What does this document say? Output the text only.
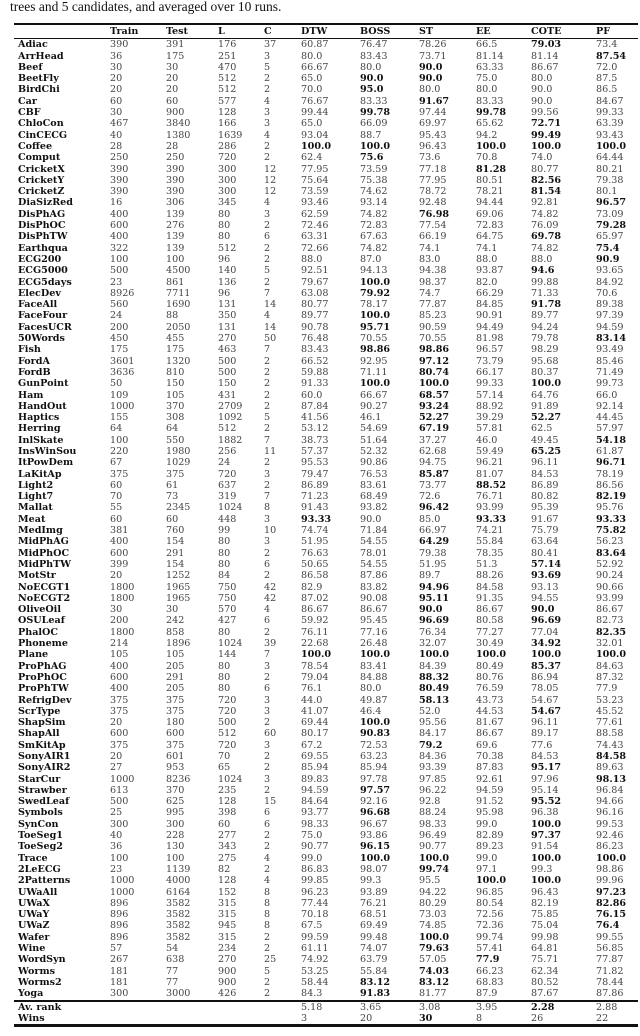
trees and 5 candidates, and averaged over 10 runs.
	Train	Test	L	C	DTW	BOSS	ST	EE	COTE	PF
Adiac	390	391	176	37	60.87	76.47	78.26	66.5	79.03	73.4
ArrHead	36	175	251	3	80.0	83.43	73.71	81.14	81.14	87.54
Beef	30	30	470	5	66.67	80.0	90.0	63.33	86.67	72.0
BeetFly	20	20	512	2	65.0	90.0	90.0	75.0	80.0	87.5
BirdChi	20	20	512	2	70.0	95.0	80.0	80.0	90.0	86.5
Car	60	60	577	4	76.67	83.33	91.67	83.33	90.0	84.67
CBF	30	900	128	3	99.44	99.78	97.44	99.78	99.56	99.33
ChloCon	467	3840	166	3	65.0	66.09	69.97	65.62	72.71	63.39
CinCECG	40	1380	1639	4	93.04	88.7	95.43	94.2	99.49	93.43
Coffee	28	28	286	2	100.0	100.0	96.43	100.0	100.0	100.0
Comput	250	250	720	2	62.4	75.6	73.6	70.8	74.0	64.44
CricketX	390	390	300	12	77.95	73.59	77.18	81.28	80.77	80.21
CricketY	390	390	300	12	75.64	75.38	77.95	80.51	82.56	79.38
CricketZ	390	390	300	12	73.59	74.62	78.72	78.21	81.54	80.1
DiaSizRed	16	306	345	4	93.46	93.14	92.48	94.44	92.81	96.57
DisPhAG	400	139	80	3	62.59	74.82	76.98	69.06	74.82	73.09
DisPhOC	600	276	80	2	72.46	72.83	77.54	72.83	76.09	79.28
DisPhTW	400	139	80	6	63.31	67.63	66.19	64.75	69.78	65.97
Earthqua	322	139	512	2	72.66	74.82	74.1	74.1	74.82	75.4
ECG200	100	100	96	2	88.0	87.0	83.0	88.0	88.0	90.9
ECG5000	500	4500	140	5	92.51	94.13	94.38	93.87	94.6	93.65
ECG5days	23	861	136	2	79.67	100.0	98.37	82.0	99.88	84.92
ElecDev	8926	7711	96	7	63.08	79.92	74.7	66.29	71.33	70.6
FaceAll	560	1690	131	14	80.77	78.17	77.87	84.85	91.78	89.38
FaceFour	24	88	350	4	89.77	100.0	85.23	90.91	89.77	97.39
FacesUCR	200	2050	131	14	90.78	95.71	90.59	94.49	94.24	94.59
50Words	450	455	270	50	76.48	70.55	70.55	81.98	79.78	83.14
Fish	175	175	463	7	83.43	98.86	98.86	96.57	98.29	93.49
FordA	3601	1320	500	2	66.52	92.95	97.12	73.79	95.68	85.46
FordB	3636	810	500	2	59.88	71.11	80.74	66.17	80.37	71.49
GunPoint	50	150	150	2	91.33	100.0	100.0	99.33	100.0	99.73
Ham	109	105	431	2	60.0	66.67	68.57	57.14	64.76	66.0
HandOut	1000	370	2709	2	87.84	90.27	93.24	88.92	91.89	92.14
Haptics	155	308	1092	5	41.56	46.1	52.27	39.29	52.27	44.45
Herring	64	64	512	2	53.12	54.69	67.19	57.81	62.5	57.97
InlSkate	100	550	1882	7	38.73	51.64	37.27	46.0	49.45	54.18
InsWinSou	220	1980	256	11	57.37	52.32	62.68	59.49	65.25	61.87
ItPowDem	67	1029	24	2	95.53	90.86	94.75	96.21	96.11	96.71
LaKitAp	375	375	720	3	79.47	76.53	85.87	81.07	84.53	78.19
Light2	60	61	637	2	86.89	83.61	73.77	88.52	86.89	86.56
Light7	70	73	319	7	71.23	68.49	72.6	76.71	80.82	82.19
Mallat	55	2345	1024	8	91.43	93.82	96.42	93.99	95.39	95.76
Meat	60	60	448	3	93.33	90.0	85.0	93.33	91.67	93.33
MedImg	381	760	99	10	74.74	71.84	66.97	74.21	75.79	75.82
MidPhAG	400	154	80	3	51.95	54.55	64.29	55.84	63.64	56.23
MidPhOC	600	291	80	2	76.63	78.01	79.38	78.35	80.41	83.64
MidPhTW	399	154	80	6	50.65	54.55	51.95	51.3	57.14	52.92
MotStr	20	1252	84	2	86.58	87.86	89.7	88.26	93.69	90.24
NoECGT1	1800	1965	750	42	82.9	83.82	94.96	84.58	93.13	90.66
NoECGT2	1800	1965	750	42	87.02	90.08	95.11	91.35	94.55	93.99
OliveOil	30	30	570	4	86.67	86.67	90.0	86.67	90.0	86.67
OSULeaf	200	242	427	6	59.92	95.45	96.69	80.58	96.69	82.73
PhalOC	1800	858	80	2	76.11	77.16	76.34	77.27	77.04	82.35
Phoneme	214	1896	1024	39	22.68	26.48	32.07	30.49	34.92	32.01
Plane	105	105	144	7	100.0	100.0	100.0	100.0	100.0	100.0
ProPhAG	400	205	80	3	78.54	83.41	84.39	80.49	85.37	84.63
ProPhOC	600	291	80	2	79.04	84.88	88.32	80.76	86.94	87.32
ProPhTW	400	205	80	6	76.1	80.0	80.49	76.59	78.05	77.9
RefrigDev	375	375	720	3	44.0	49.87	58.13	43.73	54.67	53.23
ScrType	375	375	720	3	41.07	46.4	52.0	44.53	54.67	45.52
ShapSim	20	180	500	2	69.44	100.0	95.56	81.67	96.11	77.61
ShapAll	600	600	512	60	80.17	90.83	84.17	86.67	89.17	88.58
SmKitAp	375	375	720	3	67.2	72.53	79.2	69.6	77.6	74.43
SonyAIR1	20	601	70	2	69.55	63.23	84.36	70.38	84.53	84.58
SonyAIR2	27	953	65	2	85.94	85.94	93.39	87.83	95.17	89.63
StarCur	1000	8236	1024	3	89.83	97.78	97.85	92.61	97.96	98.13
Strawber	613	370	235	2	94.59	97.57	96.22	94.59	95.14	96.84
SwedLeaf	500	625	128	15	84.64	92.16	92.8	91.52	95.52	94.66
Symbols	25	995	398	6	93.77	96.68	88.24	95.98	96.38	96.16
SynCon	300	300	60	6	98.33	96.67	98.33	99.0	100.0	99.53
ToeSeg1	40	228	277	2	75.0	93.86	96.49	82.89	97.37	92.46
ToeSeg2	36	130	343	2	90.77	96.15	90.77	89.23	91.54	86.23
Trace	100	100	275	4	99.0	100.0	100.0	99.0	100.0	100.0
2LeECG	23	1139	82	2	86.83	98.07	99.74	97.1	99.3	98.86
2Patterns	1000	4000	128	4	99.85	99.3	95.5	100.0	100.0	99.96
UWaAll	1000	6164	152	8	96.23	93.89	94.22	96.85	96.43	97.23
UWaX	896	3582	315	8	77.44	76.21	80.29	80.54	82.19	82.86
UWaY	896	3582	315	8	70.18	68.51	73.03	72.56	75.85	76.15
UWaZ	896	3582	945	8	67.5	69.49	74.85	72.36	75.04	76.4
Wafer	896	3582	315	2	99.59	99.48	100.0	99.74	99.98	99.55
Wine	57	54	234	2	61.11	74.07	79.63	57.41	64.81	56.85
WordSyn	267	638	270	25	74.92	63.79	57.05	77.9	75.71	77.87
Worms	181	77	900	5	53.25	55.84	74.03	66.23	62.34	71.82
Worms2	181	77	900	2	58.44	83.12	83.12	68.83	80.52	78.44
Yoga	300	3000	426	2	84.3	91.83	81.77	87.9	87.67	87.86
Av. rank					5.18	3.65	3.08	3.95	2.28	2.88
Wins					3	20	30	8	26	22
